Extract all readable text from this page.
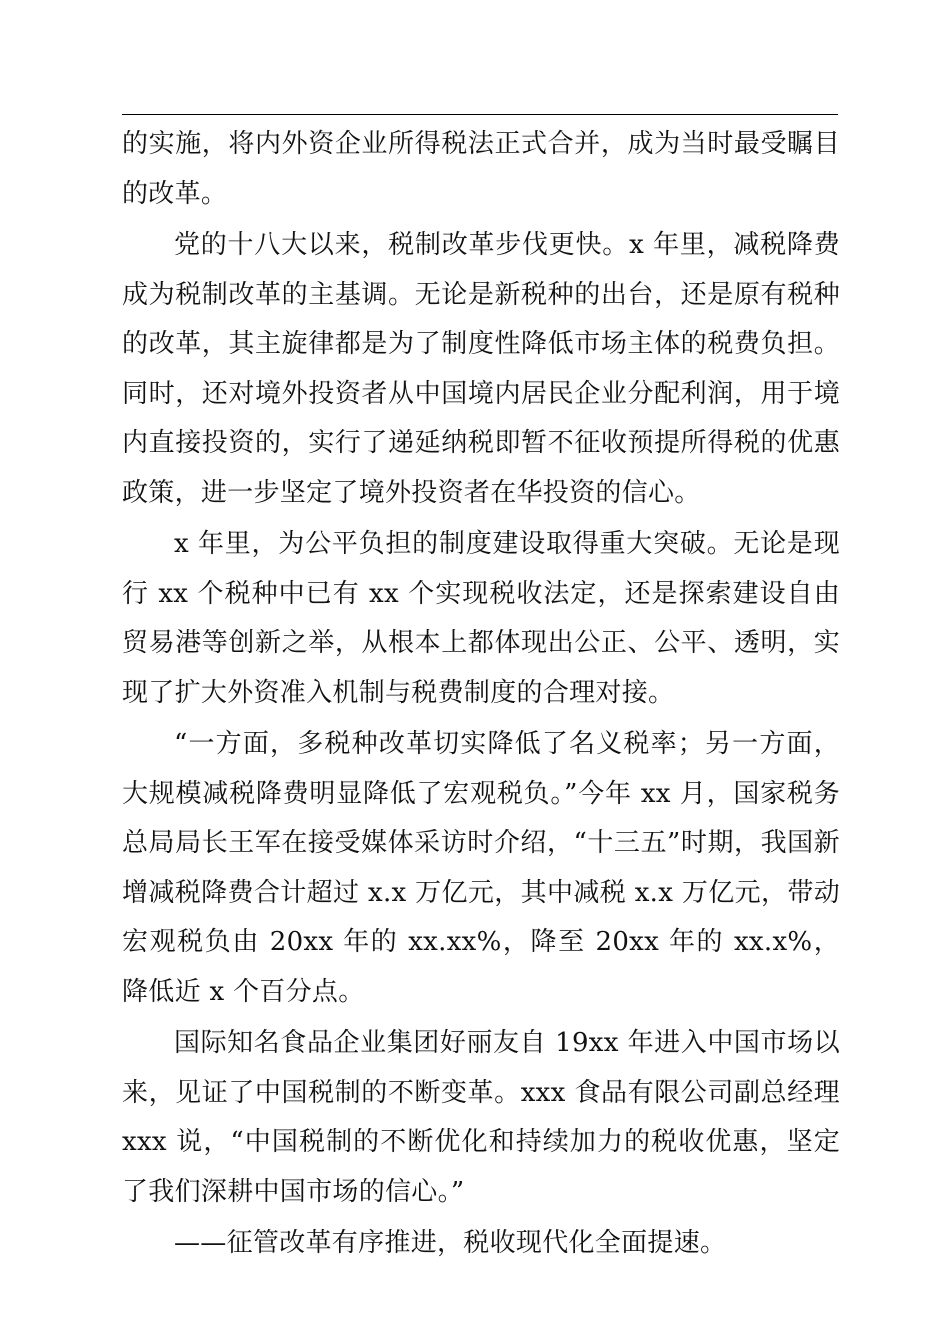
的实施，将内外资企业所得税法正式合并，成为当时最受瞩目的改革。

党的十八大以来，税制改革步伐更快。x 年里，减税降费成为税制改革的主基调。无论是新税种的出台，还是原有税种的改革，其主旋律都是为了制度性降低市场主体的税费负担。同时，还对境外投资者从中国境内居民企业分配利润，用于境内直接投资的，实行了递延纳税即暂不征收预提所得税的优惠政策，进一步坚定了境外投资者在华投资的信心。

x 年里，为公平负担的制度建设取得重大突破。无论是现行 xx 个税种中已有 xx 个实现税收法定，还是探索建设自由贸易港等创新之举，从根本上都体现出公正、公平、透明，实现了扩大外资准入机制与税费制度的合理对接。

“一方面，多税种改革切实降低了名义税率；另一方面，大规模减税降费明显降低了宏观税负。”今年 xx 月，国家税务总局局长王军在接受媒体采访时介绍，“十三五”时期，我国新增减税降费合计超过 x.x 万亿元，其中减税 x.x 万亿元，带动宏观税负由 20xx 年的 xx.xx%，降至 20xx 年的 xx.x%，降低近 x 个百分点。

国际知名食品企业集团好丽友自 19xx 年进入中国市场以来，见证了中国税制的不断变革。xxx 食品有限公司副总经理 xxx 说，“中国税制的不断优化和持续加力的税收优惠，坚定了我们深耕中国市场的信心。”

——征管改革有序推进，税收现代化全面提速。
